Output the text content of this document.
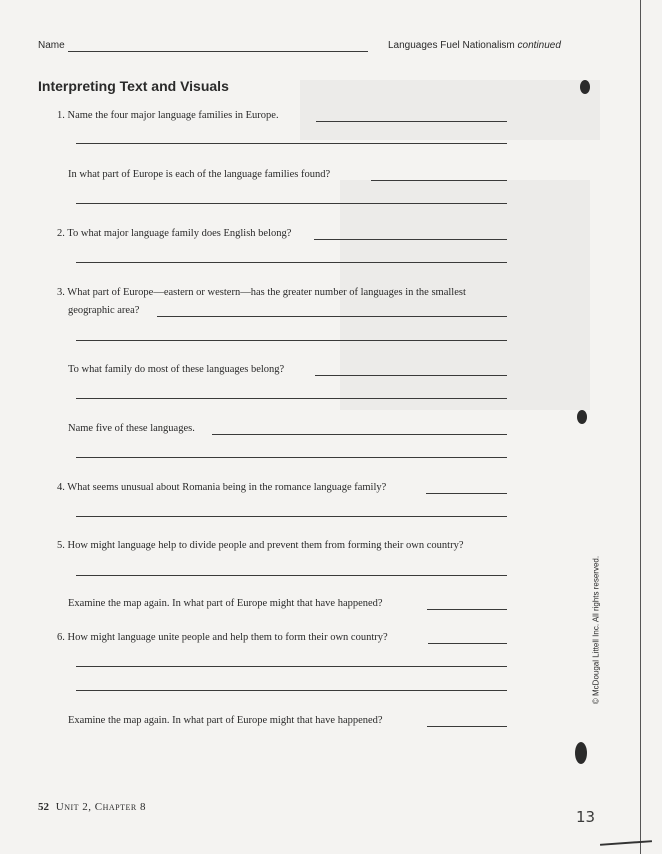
Name	Languages Fuel Nationalism continued
Interpreting Text and Visuals
1. Name the four major language families in Europe.
In what part of Europe is each of the language families found?
2. To what major language family does English belong?
3. What part of Europe—eastern or western—has the greater number of languages in the smallest
geographic area?
To what family do most of these languages belong?
Name five of these languages.
4. What seems unusual about Romania being in the romance language family?
5. How might language help to divide people and prevent them from forming their own country?
Examine the map again. In what part of Europe might that have happened?
6. How might language unite people and help them to form their own country?
Examine the map again. In what part of Europe might that have happened?
© McDougal Littell Inc. All rights reserved.
52 Unit 2, Chapter 8
13
